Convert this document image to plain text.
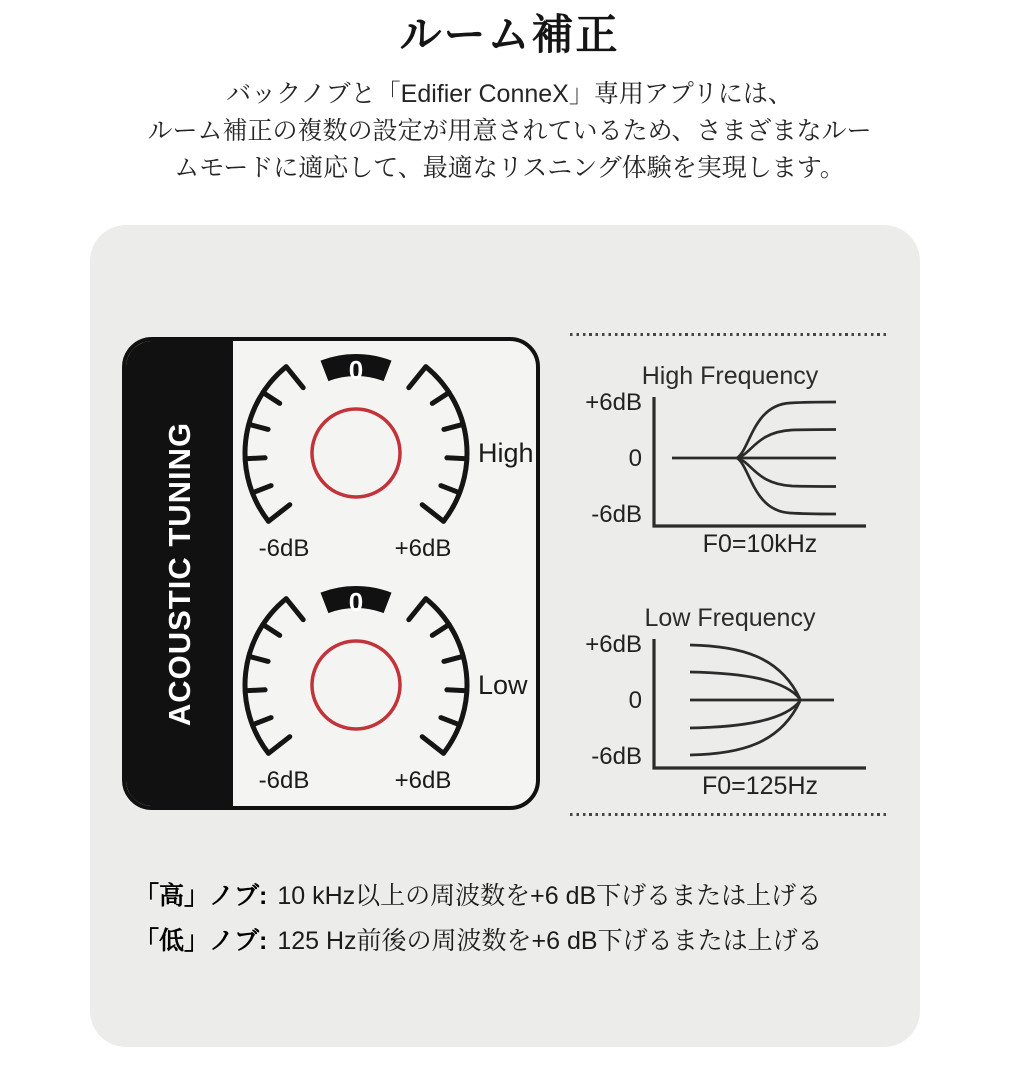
ルーム補正
バックノブと「Edifier ConneX」専用アプリには、
ルーム補正の複数の設定が用意されているため、さまざまなルー
ムモードに適応して、最適なリスニング体験を実現します。
ACOUSTIC TUNING
0
-6dB	+6dB
High
0
-6dB	+6dB
Low
High Frequency
+6dB
0
-6dB
F0=10kHz
Low Frequency
+6dB
0
-6dB
F0=125Hz
「高」ノブ: 10 kHz以上の周波数を+6 dB下げるまたは上げる
「低」ノブ: 125 Hz前後の周波数を+6 dB下げるまたは上げる
